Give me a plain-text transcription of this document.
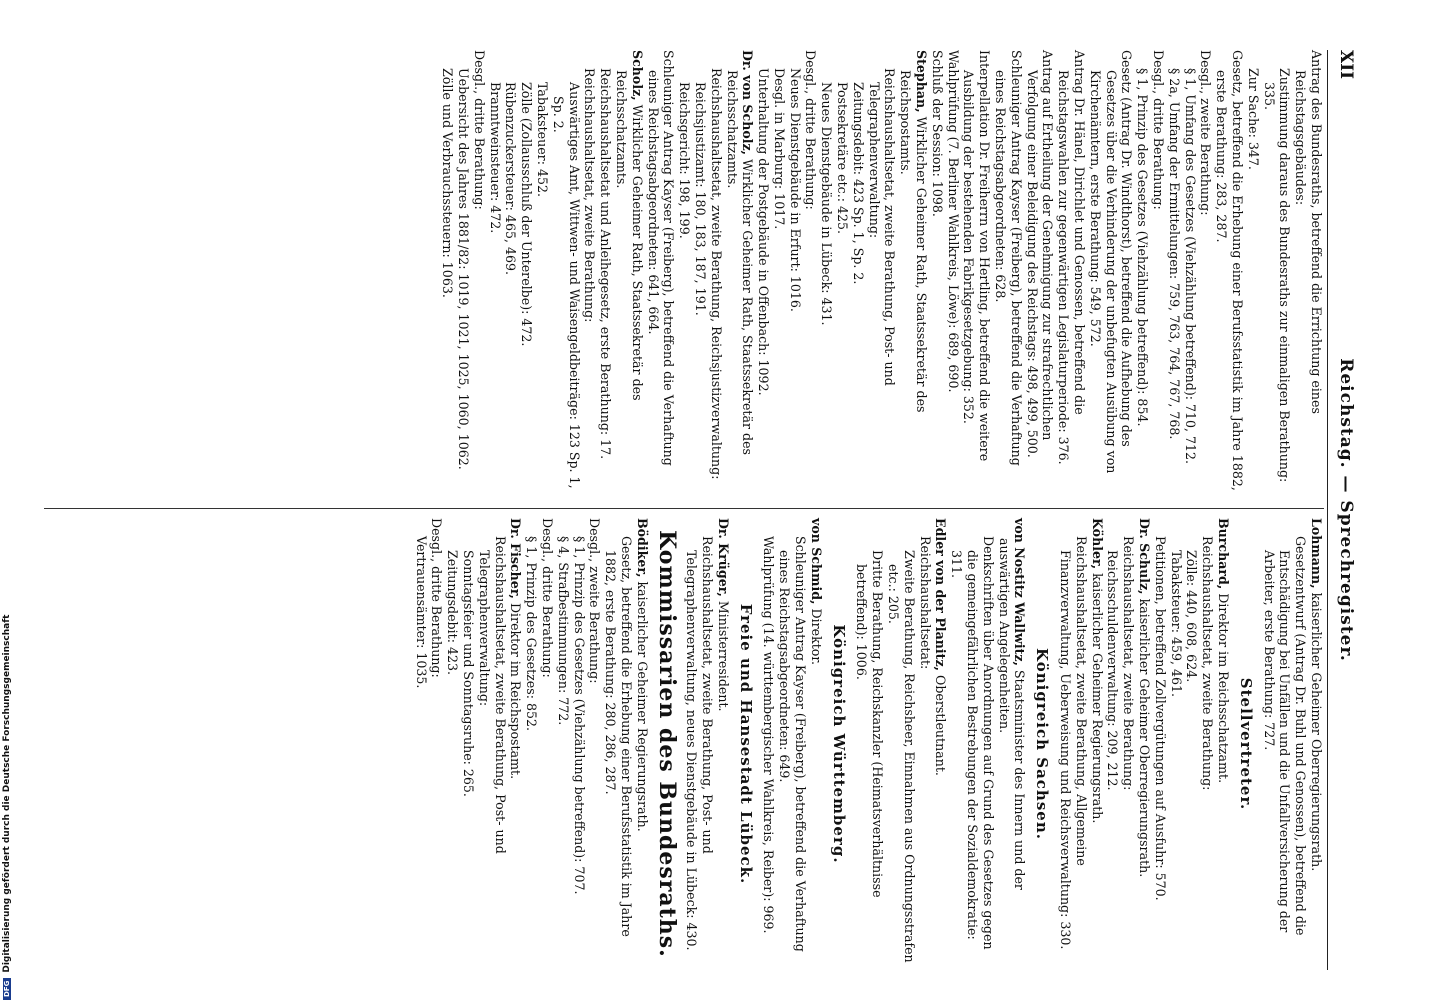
XII
Reichstag. — Sprechregister.

Antrag des Bundesraths, betreffend die Errichtung eines Reichstagsgebäudes:

Zustimmung daraus des Bundesraths zur einmaligen Berathung: 335.

Zur Sache: 347.

Gesetz, betreffend die Erhebung einer Berufsstatistik im Jahre 1882, erste Berathung: 283, 287.

Desgl., zweite Berathung:

§ 1, Umfang des Gesetzes (Viehzählung betreffend): 710, 712.

§ 2a, Umfang der Ermittelungen: 759, 763, 764, 767, 768.

Desgl., dritte Berathung:

§ 1, Prinzip des Gesetzes (Viehzählung betreffend): 854.

Gesetz (Antrag Dr. Windthorst), betreffend die Aufhebung des Gesetzes über die Verhinderung der unbefugten Ausübung von Kirchenämtern, erste Berathung: 549, 572.

Antrag Dr. Hänel, Dirichlet und Genossen, betreffend die Reichstagswahlen zur gegenwärtigen Legislaturperiode: 376.

Antrag auf Ertheilung der Genehmigung zur strafrechtlichen Verfolgung einer Beleidigung des Reichstags: 498, 499, 500.

Schleuniger Antrag Kayser (Freiberg), betreffend die Verhaftung eines Reichstagsabgeordneten: 628.

Interpellation Dr. Freiherrn von Hertling, betreffend die weitere Ausbildung der bestehenden Fabrikgesetzgebung: 352.

Wahlprüfung (7. Berliner Wahlkreis, Löwe): 689, 690.

Schluß der Session: 1098.

Stephan, Wirklicher Geheimer Rath, Staatssekretär des Reichspostamts.

Reichshaushaltsetat, zweite Berathung, Post- und Telegraphenverwaltung:

Zeitungsdebit: 423 Sp. 1, Sp. 2.

Postsekretäre etc.: 425.

Neues Dienstgebäude in Lübeck: 431.

Desgl., dritte Berathung:

Neues Dienstgebäude in Erfurt: 1016.

Desgl. in Marburg: 1017.

Unterhaltung der Postgebäude in Offenbach: 1092.

Dr. von Scholz, Wirklicher Geheimer Rath, Staatssekretär des Reichsschatzamts.

Reichshaushaltsetat, zweite Berathung, Reichsjustizverwaltung:

Reichsjustizamt: 180, 183, 187, 191.

Reichsgericht: 198, 199.

Schleuniger Antrag Kayser (Freiberg), betreffend die Verhaftung eines Reichstagsabgeordneten: 641, 664.

Scholz, Wirklicher Geheimer Rath, Staatssekretär des Reichsschatzamts.

Reichshaushaltsetat und Anleihegesetz, erste Berathung: 17.

Reichshaushaltsetat, zweite Berathung:

Auswärtiges Amt, Wittwen- und Waisengeldbeiträge: 123 Sp. 1, Sp. 2.

Tabaksteuer: 452.

Zölle (Zollausschluß der Unterelbe): 472.

Rübenzuckersteuer: 465, 469.

Branntweinsteuer: 472.

Desgl., dritte Berathung:

Uebersicht des Jahres 1881/82: 1019, 1021, 1025, 1060, 1062.

Zölle und Verbrauchssteuern: 1063.

Lohmann, kaiserlicher Geheimer Oberregierungsrath.

Gesetzentwurf (Antrag Dr. Buhl und Genossen), betreffend die Entschädigung bei Unfällen und die Unfallversicherung der Arbeiter, erste Berathung: 727.

Stellvertreter.

Burchard, Direktor im Reichsschatzamt.

Reichshaushaltsetat, zweite Berathung:

Zölle: 440, 608, 624.

Tabaksteuer: 459, 461.

Petitionen, betreffend Zollvergütungen auf Ausfuhr: 570.

Dr. Schulz, kaiserlicher Geheimer Oberregierungsrath.

Reichshaushaltsetat, zweite Berathung:

Reichsschuldenverwaltung: 209, 212.

Köhler, kaiserlicher Geheimer Regierungsrath.

Reichshaushaltsetat, zweite Berathung, Allgemeine Finanzverwaltung, Ueberweisung und Reichsverwaltung: 330.

Königreich Sachsen.

von Nostitz Wallwitz, Staatsminister des Innern und der auswärtigen Angelegenheiten.

Denkschriften über Anordnungen auf Grund des Gesetzes gegen die gemeingefährlichen Bestrebungen der Sozialdemokratie: 311.

Edler von der Planitz, Oberstleutnant.

Reichshaushaltsetat:

Zweite Berathung, Reichsheer, Einnahmen aus Ordnungsstrafen etc.: 205.

Dritte Berathung, Reichskanzler (Heimatsverhältnisse betreffend): 1006.

Königreich Württemberg.

von Schmid, Direktor.

Schleuniger Antrag Kayser (Freiberg), betreffend die Verhaftung eines Reichstagsabgeordneten: 649.

Wahlprüfung (14. württembergischer Wahlkreis, Reiber): 969.

Freie und Hansestadt Lübeck.

Dr. Krüger, Ministerresident.

Reichshaushaltsetat, zweite Berathung, Post- und Telegraphenverwaltung, neues Dienstgebäude in Lübeck: 430.

Kommissarien des Bundesraths.

Bödiker, kaiserlicher Geheimer Regierungsrath.

Gesetz, betreffend die Erhebung einer Berufsstatistik im Jahre 1882, erste Berathung: 280, 286, 287.

Desgl., zweite Berathung:

§ 1, Prinzip des Gesetzes (Viehzählung betreffend): 707.

§ 4, Strafbestimmungen: 772.

Desgl., dritte Berathung:

§ 1, Prinzip des Gesetzes: 852.

Dr. Fischer, Direktor im Reichspostamt.

Reichshaushaltsetat, zweite Berathung, Post- und Telegraphenverwaltung:

Sonntagsfeier und Sonntagsruhe: 265.

Zeitungsdebit: 423.

Desgl., dritte Berathung:

Vertrauensämter: 1035.

DFGDigitalisierung gefördert durch die Deutsche Forschungsgemeinschaft
